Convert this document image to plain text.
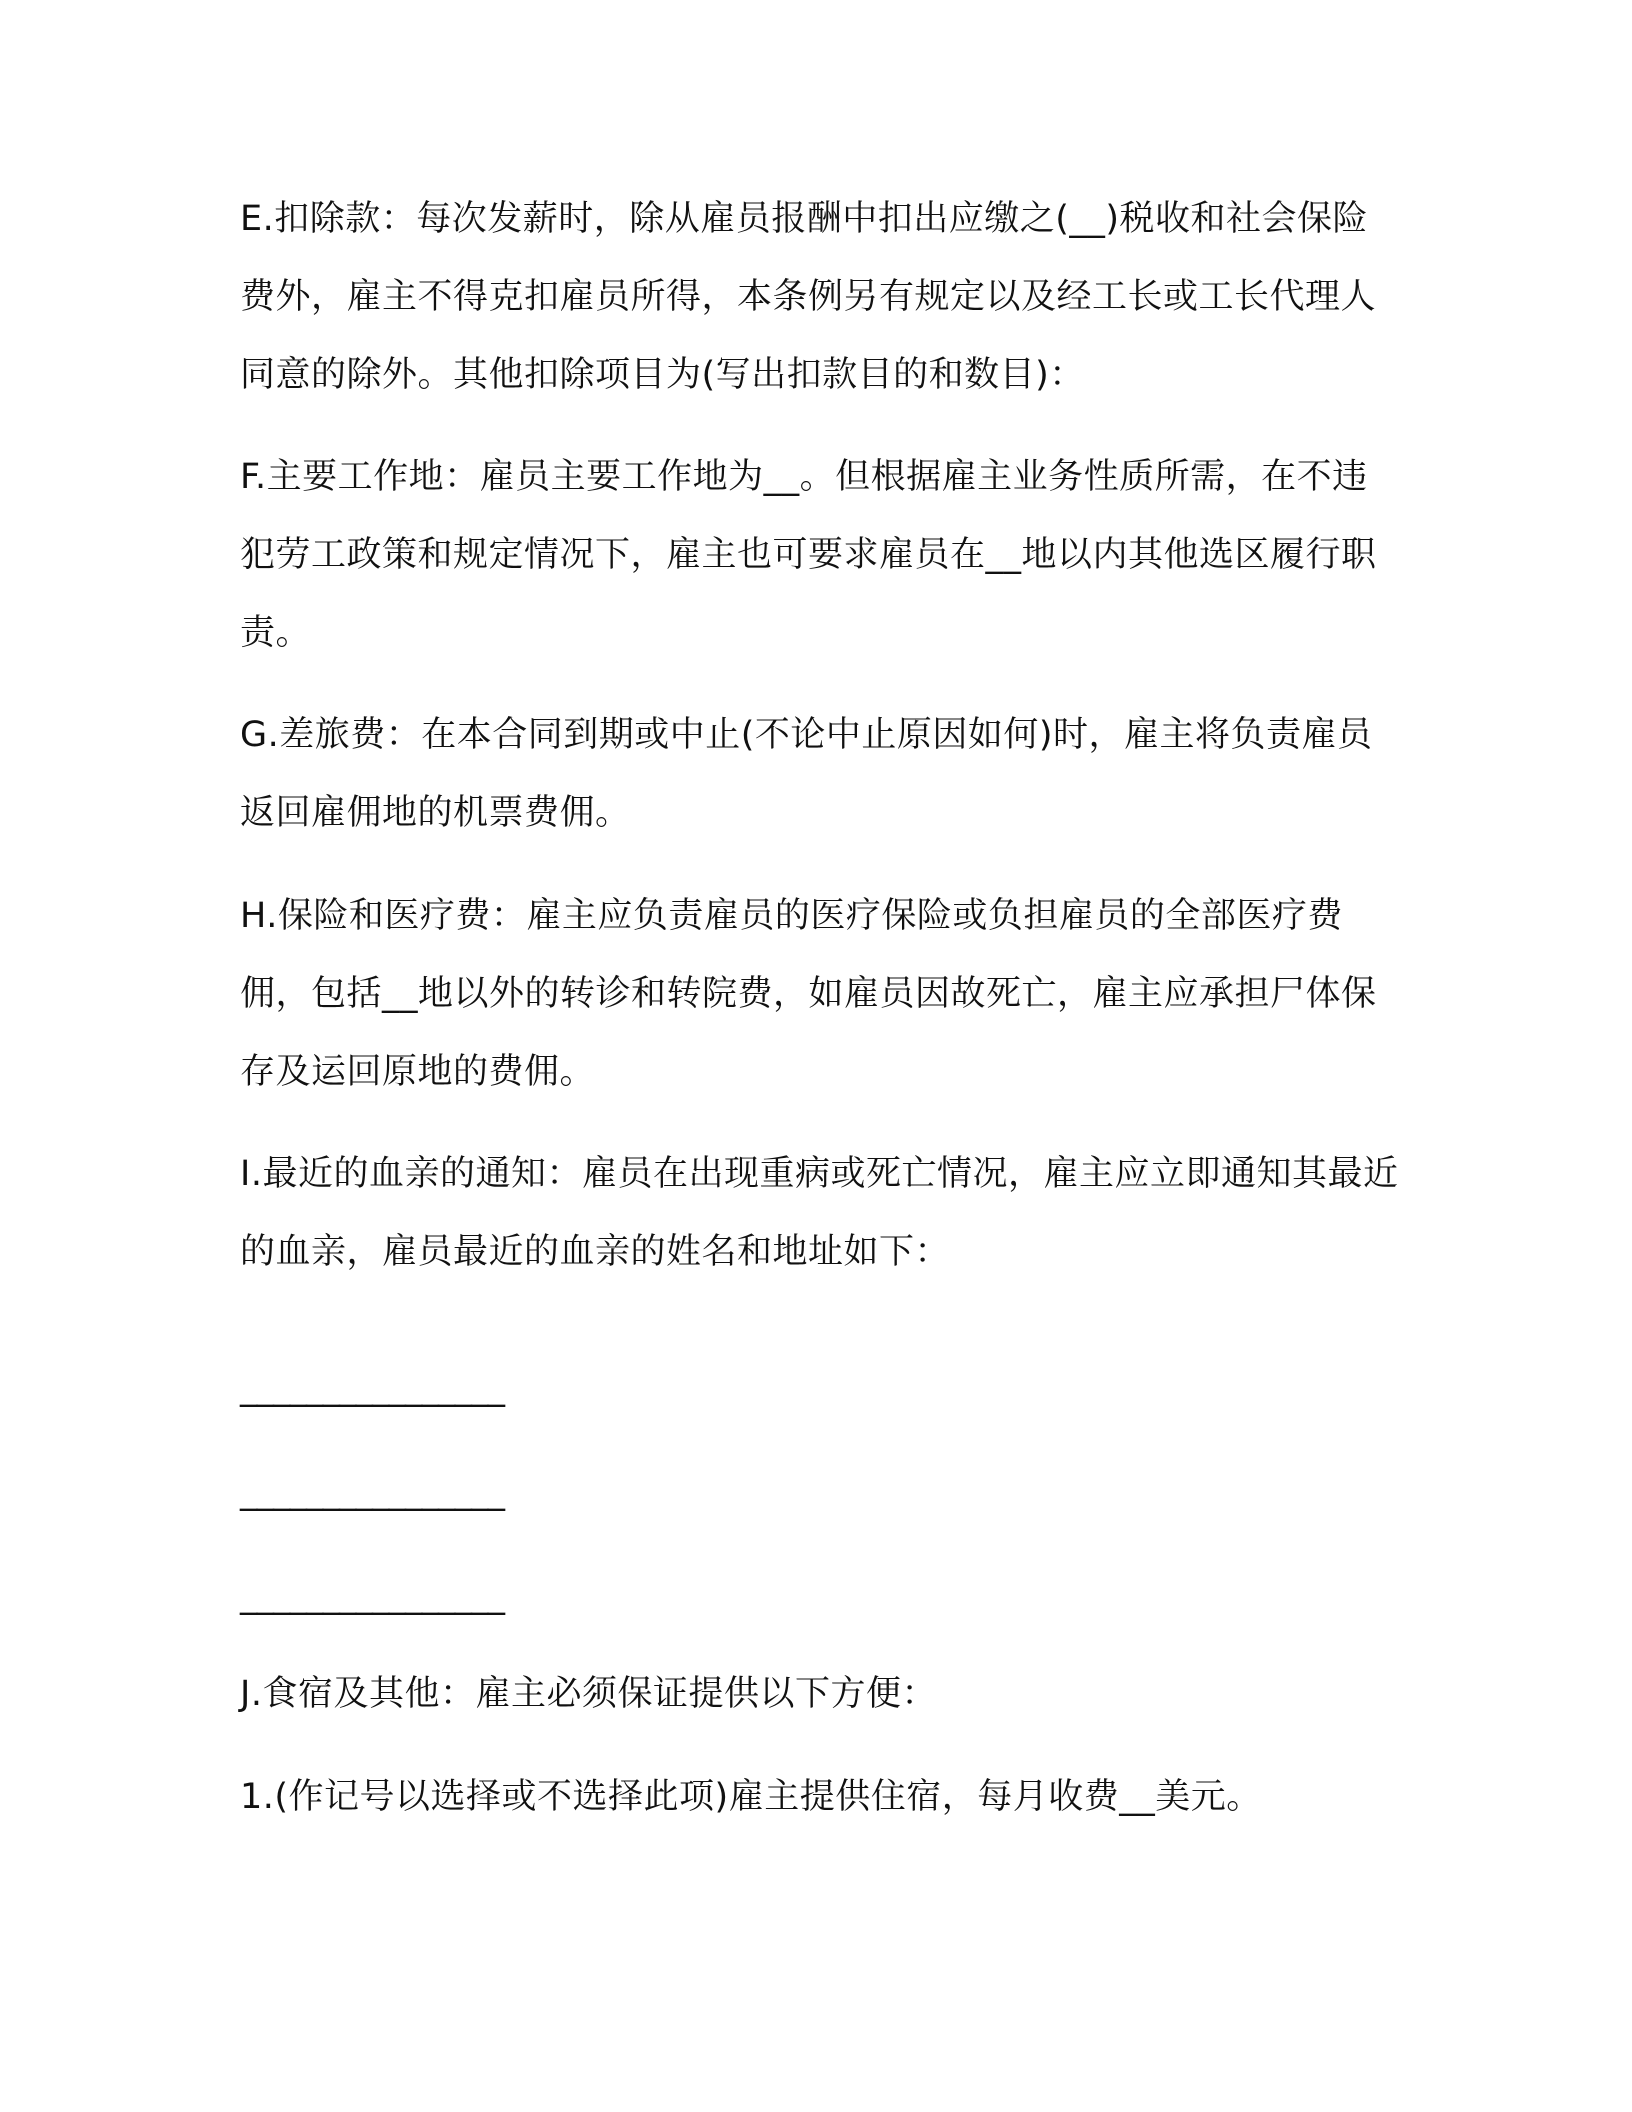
E.扣除款：每次发薪时，除从雇员报酬中扣出应缴之(__)税收和社会保险费外，雇主不得克扣雇员所得，本条例另有规定以及经工长或工长代理人同意的除外。其他扣除项目为(写出扣款目的和数目)：

F.主要工作地：雇员主要工作地为__。但根据雇主业务性质所需，在不违犯劳工政策和规定情况下，雇主也可要求雇员在__地以内其他选区履行职责。

G.差旅费：在本合同到期或中止(不论中止原因如何)时，雇主将负责雇员返回雇佣地的机票费佣。

H.保险和医疗费：雇主应负责雇员的医疗保险或负担雇员的全部医疗费佣，包括__地以外的转诊和转院费，如雇员因故死亡，雇主应承担尸体保存及运回原地的费佣。

I.最近的血亲的通知：雇员在出现重病或死亡情况，雇主应立即通知其最近的血亲，雇员最近的血亲的姓名和地址如下：

________________
________________
________________

J.食宿及其他：雇主必须保证提供以下方便：

1.(作记号以选择或不选择此项)雇主提供住宿，每月收费__美元。
